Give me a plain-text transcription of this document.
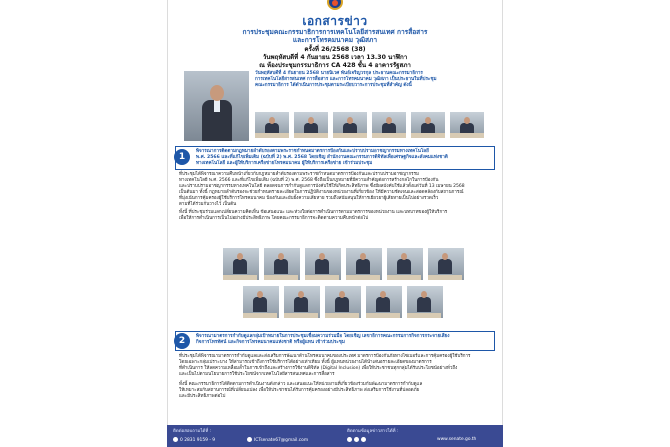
เอกสารข่าว
การประชุมคณะกรรมาธิการการเทคโนโลยีสารสนเทศ การสื่อสาร
และการโทรคมนาคม วุฒิสภา
ครั้งที่ 26/2568 (38)
วันพฤหัสบดีที่ 4 กันยายน 2568 เวลา 13.30 นาฬิกา
ณ ห้องประชุมกรรมาธิการ CA 428 ชั้น 4 อาคารรัฐสภา
วันพฤหัสบดีที่ 4 กันยายน 2568 นายนิเวศ พันธ์เจริญวรกุล ประธานคณะกรรมาธิการ
การเทคโนโลยีสารสนเทศ การสื่อสาร และการโทรคมนาคม วุฒิสภา เป็นประธานในที่ประชุม
คณะกรรมาธิการ ได้ดำเนินการประชุมตามระเบียบวาระการประชุมที่สำคัญ ดังนี้
1
พิจารณาการติดตามกฎหมายลำดับรองตามพระราชกำหนดมาตรการป้องกันและปราบปรามอาชญากรรมทางเทคโนโลยี
พ.ศ. 2566 และที่แก้ไขเพิ่มเติม (ฉบับที่ 2) พ.ศ. 2568 โดยเชิญ สำนักงานคณะกรรมการดิจิทัลเพื่อเศรษฐกิจและสังคมแห่งชาติ
ทางเทคโนโลยี และผู้ให้บริการเครือข่ายโทรคมนาคม ผู้ให้บริการเครือข่าย เข้าร่วมประชุม
ที่ประชุมได้พิจารณาความคืบหน้าเกี่ยวกับกฎหมายลำดับรองตามพระราชกำหนดมาตรการป้องกันและปราบปรามอาชญากรรม
ทางเทคโนโลยี พ.ศ. 2566 และที่แก้ไขเพิ่มเติม (ฉบับที่ 2) พ.ศ. 2568 ซึ่งถือเป็นกฎหมายที่มีความสำคัญต่อการสร้างกลไกในการป้องกัน
และปราบปรามอาชญากรรมทางเทคโนโลยี ตลอดจนการกำกับดูแลการบังคับใช้ให้เกิดประสิทธิภาพ ซึ่งมีผลบังคับใช้แล้วตั้งแต่วันที่ 13 เมษายน 2568
เป็นต้นมา ทั้งนี้ กฎหมายลำดับรองจะช่วยกำหนดรายละเอียดในการปฏิบัติงานของหน่วยงานที่เกี่ยวข้อง ให้มีความชัดเจนและสอดคล้องกับสถานการณ์
ที่มุ่งเน้นการคุ้มครองผู้ใช้บริการโทรคมนาคม ป้องกันและยับยั้งความเสียหาย รวมถึงสนับสนุนให้การเยียวยาผู้เสียหายเป็นไปอย่างรวดเร็ว
ตามที่ได้ร่วมกันวางไว้ เป็นต้น
ทั้งนี้ ที่ประชุมร่วมแลกเปลี่ยนความคิดเห็น ข้อเสนอแนะ และห่วงใยต่อการดำเนินการตามมาตรการของหน่วยงาน และบทบาทของผู้ให้บริการ
เพื่อให้การดำเนินการเป็นไปอย่างมีประสิทธิภาพ โดยคณะกรรมาธิการจะติดตามความคืบหน้าต่อไป
2	พิจารณามาตรการกำกับดูแลกลุ่มเป้าหมายในการประชุมเชื่อมความร่วมมือ โดยเชิญ เลขาธิการคณะกรรมการกิจการกระจายเสียง
กิจการโทรทัศน์ และกิจการโทรคมนาคมแห่งชาติ หรือผู้แทน เข้าร่วมประชุม
ที่ประชุมได้พิจารณามาตรการกำกับดูแลและส่งเสริมการพัฒนาด้านโทรคมนาคมของประเทศ มาตรการป้องกันภัยทางไซเบอร์และการคุ้มครองผู้ใช้บริการ
โดยเฉพาะกลุ่มเปราะบาง ให้สามารถเข้าถึงการใช้บริการได้อย่างเท่าเทียม ทั้งนี้ ผู้แทนหน่วยงานได้นำเสนอรายละเอียดของมาตรการ
ที่ดำเนินการ ให้ลดความเหลื่อมล้ำในการเข้าถึงและสร้างการใช้งานดิจิทัล (Digital Inclusion) เพื่อให้ประชาชนทุกกลุ่มได้รับประโยชน์อย่างทั่วถึง
และเป็นไปตามนโยบายการใช้ประโยชน์จากเทคโนโลยีสารสนเทศและการสื่อสาร
ทั้งนี้ คณะกรรมาธิการได้ติดตามการดำเนินงานดังกล่าว และเสนอแนะให้หน่วยงานที่เกี่ยวข้องร่วมกันพัฒนามาตรการกำกับดูแล
ให้เหมาะสมกับสถานการณ์ที่เปลี่ยนแปลง เพื่อให้ประชาชนได้รับการคุ้มครองอย่างมีประสิทธิภาพ ส่งเสริมการใช้งานที่ปลอดภัย
และมีประสิทธิภาพต่อไป
ติดต่อสอบถามได้ที่ :	ติดตามข้อมูลข่าวสารได้ที่ :
0 2831 9159 - 9	ICTsenate67@gmail.com	www.senate.go.th
